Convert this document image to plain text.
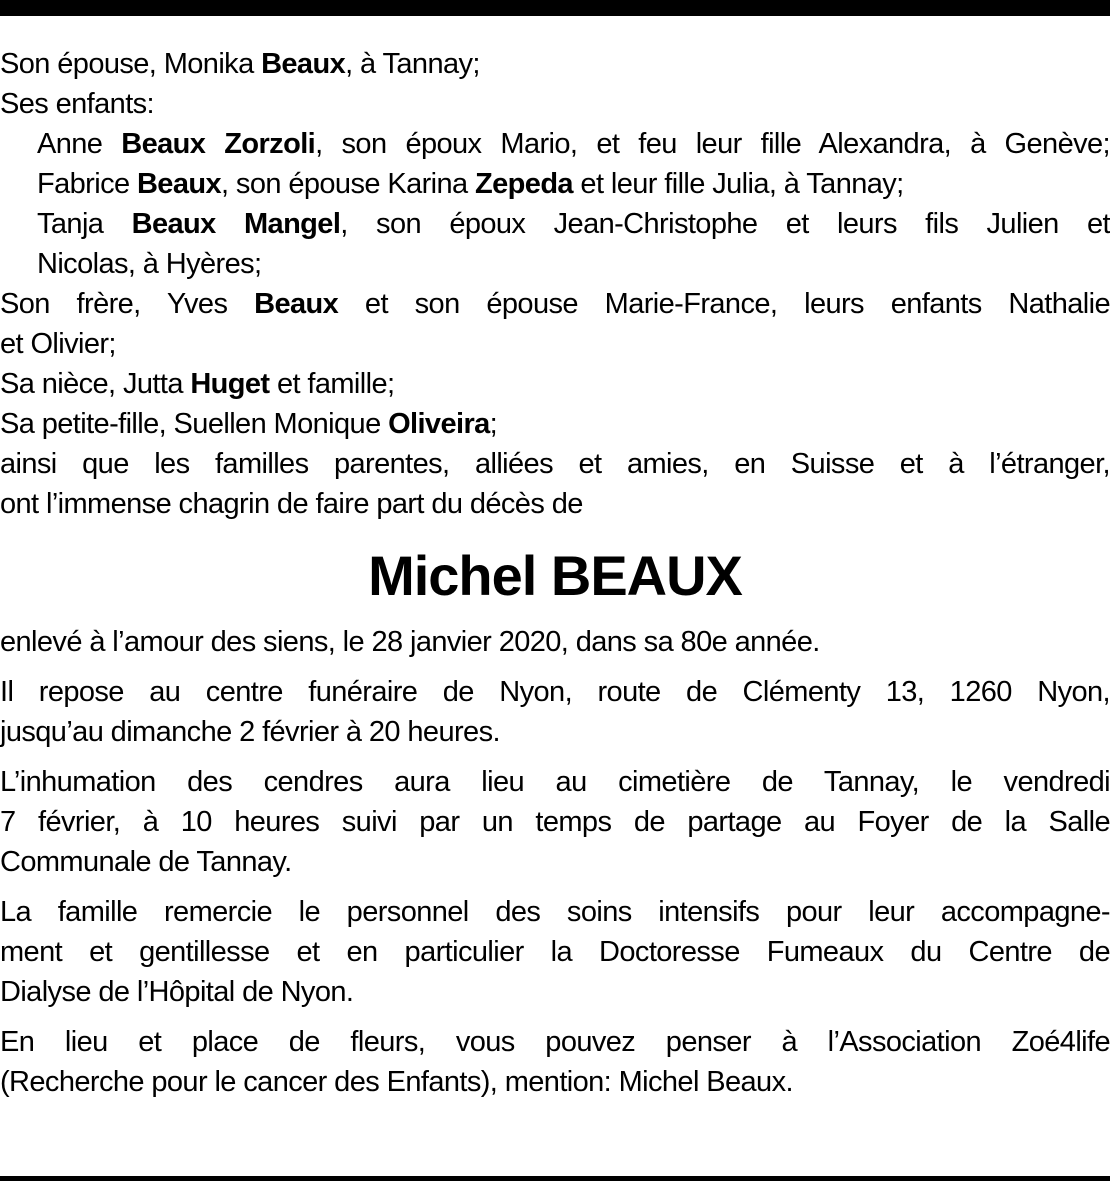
Son épouse, Monika Beaux, à Tannay;
Ses enfants:
Anne Beaux Zorzoli, son époux Mario, et feu leur fille Alexandra, à Genève;
Fabrice Beaux, son épouse Karina Zepeda et leur fille Julia, à Tannay;
Tanja Beaux Mangel, son époux Jean-Christophe et leurs fils Julien et
Nicolas, à Hyères;
Son frère, Yves Beaux et son épouse Marie-France, leurs enfants Nathalie
et Olivier;
Sa nièce, Jutta Huget et famille;
Sa petite-fille, Suellen Monique Oliveira;
ainsi que les familles parentes, alliées et amies, en Suisse et à l’étranger,
ont l’immense chagrin de faire part du décès de
Michel BEAUX
enlevé à l’amour des siens, le 28 janvier 2020, dans sa 80e année.
Il repose au centre funéraire de Nyon, route de Clémenty 13, 1260 Nyon,
jusqu’au dimanche 2 février à 20 heures.
L’inhumation des cendres aura lieu au cimetière de Tannay, le vendredi
7 février, à 10 heures suivi par un temps de partage au Foyer de la Salle
Communale de Tannay.
La famille remercie le personnel des soins intensifs pour leur accompagne-
ment et gentillesse et en particulier la Doctoresse Fumeaux du Centre de
Dialyse de l’Hôpital de Nyon.
En lieu et place de fleurs, vous pouvez penser à l’Association Zoé4life
(Recherche pour le cancer des Enfants), mention: Michel Beaux.
